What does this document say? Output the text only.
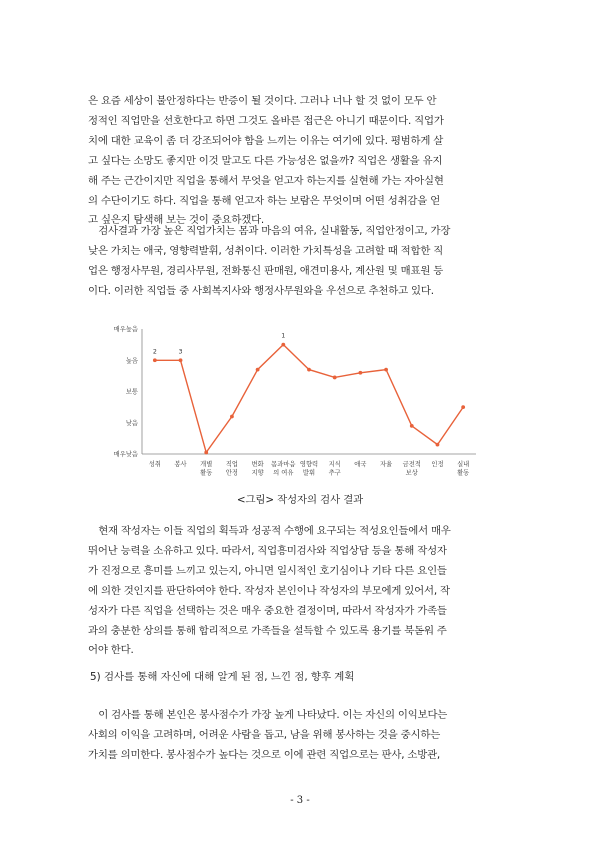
은 요즘 세상이 불안정하다는 반증이 될 것이다. 그러나 너나 할 것 없이 모두 안
정적인 직업만을 선호한다고 하면 그것도 올바른 접근은 아니기 때문이다. 직업가
치에 대한 교육이 좀 더 강조되어야 함을 느끼는 이유는 여기에 있다. 평범하게 살
고 싶다는 소망도 좋지만 이것 말고도 다른 가능성은 없을까? 직업은 생활을 유지
해 주는 근간이지만 직업을 통해서 무엇을 얻고자 하는지를 실현해 가는 자아실현
의 수단이기도 하다. 직업을 통해 얻고자 하는 보람은 무엇이며 어떤 성취감을 얻
고 싶은지 탐색해 보는 것이 중요하겠다.
　검사결과 가장 높은 직업가치는 몸과 마음의 여유, 실내활동, 직업안정이고, 가장
낮은 가치는 애국, 영향력발휘, 성취이다. 이러한 가치특성을 고려할 때 적합한 직
업은 행정사무원, 경리사무원, 전화통신 판매원, 애견미용사, 계산원 및 매표원 등
이다. 이러한 직업들 중 사회복지사와 행정사무원와을 우선으로 추천하고 있다.
매우낮음
낮음
보통
높음
매우높음
성취 봉사 개별
활동
직업
안정
변화
지향
몸과마음
의 여유
영향력
발휘
지식
추구
애국 자율 금전적
보상
인정 실내
활동
2	3
1
<그림> 작성자의 검사 결과
　현재 작성자는 이들 직업의 획득과 성공적 수행에 요구되는 적성요인들에서 매우
뛰어난 능력을 소유하고 있다. 따라서, 직업흥미검사와 직업상담 등을 통해 작성자
가 진정으로 흥미를 느끼고 있는지, 아니면 일시적인 호기심이나 기타 다른 요인들
에 의한 것인지를 판단하여야 한다. 작성자 본인이나 작성자의 부모에게 있어서, 작
성자가 다른 직업을 선택하는 것은 매우 중요한 결정이며, 따라서 작성자가 가족들
과의 충분한 상의를 통해 합리적으로 가족들을 설득할 수 있도록 용기를 북돋워 주
어야 한다.
5) 검사를 통해 자신에 대해 알게 된 점, 느낀 점, 향후 계획
　이 검사를 통해 본인은 봉사점수가 가장 높게 나타났다. 이는 자신의 이익보다는
사회의 이익을 고려하며, 어려운 사람을 돕고, 남을 위해 봉사하는 것을 중시하는
가치를 의미한다. 봉사점수가 높다는 것으로 이에 관련 직업으로는 판사, 소방관,
- 3 -
